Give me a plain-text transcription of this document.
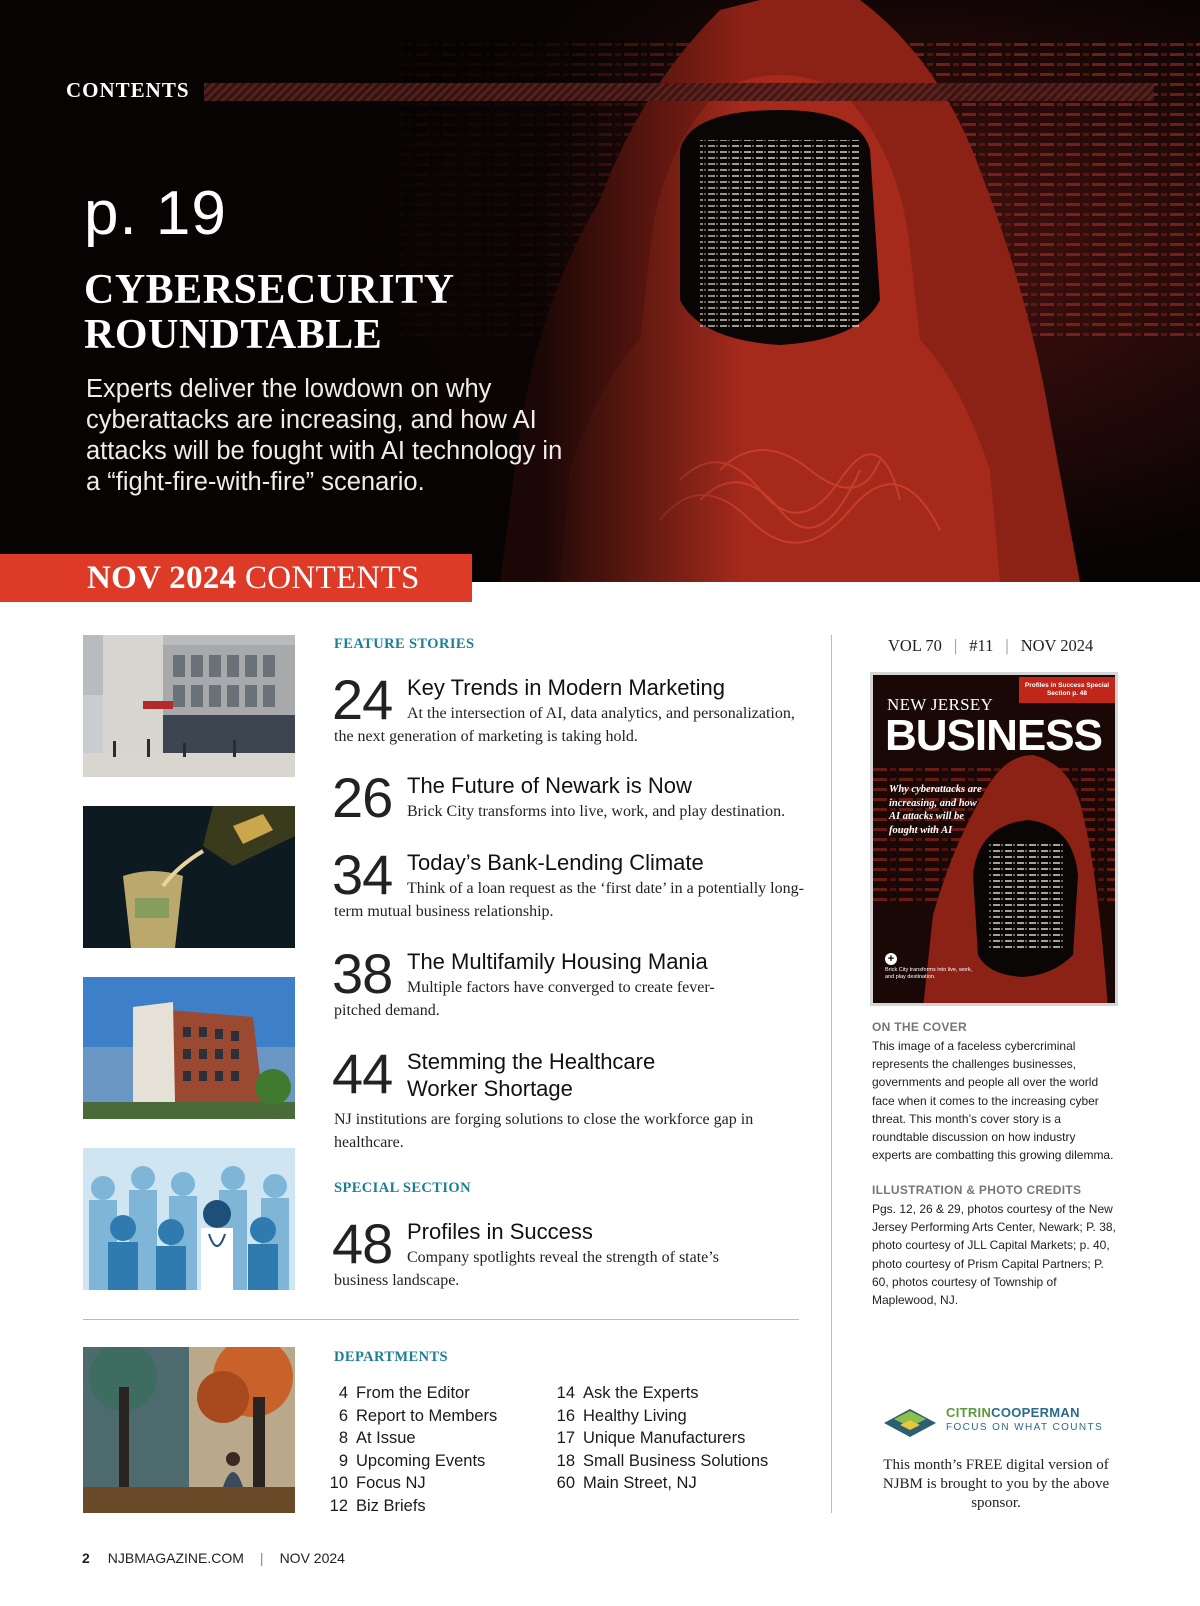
CONTENTS
p. 19
CYBERSECURITY
ROUNDTABLE
Experts deliver the lowdown on why cyberattacks are increasing, and how AI attacks will be fought with AI technology in a “fight-fire-with-fire” scenario.
NOV 2024 CONTENTS
FEATURE STORIES
24 Key Trends in Modern Marketing
At the intersection of AI, data analytics, and personalization, the next generation of marketing is taking hold.
26 The Future of Newark is Now
Brick City transforms into live, work, and play destination.
34 Today’s Bank-Lending Climate
Think of a loan request as the ‘first date’ in a potentially long-term mutual business relationship.
38 The Multifamily Housing Mania
Multiple factors have converged to create fever-pitched demand.
44 Stemming the Healthcare
Worker Shortage
NJ institutions are forging solutions to close the workforce gap in healthcare.
SPECIAL SECTION
48 Profiles in Success
Company spotlights reveal the strength of state’s business landscape.
DEPARTMENTS
4 From the Editor
6 Report to Members
8 At Issue
9 Upcoming Events
10 Focus NJ
12 Biz Briefs
14 Ask the Experts
16 Healthy Living
17 Unique Manufacturers
18 Small Business Solutions
60 Main Street, NJ
VOL 70 | #11 | NOV 2024
Profiles in Success Special Section p. 48
NEW JERSEY
BUSINESS
Why cyberattacks are increasing, and how AI attacks will be fought with AI
+
Brick City transforms into live, work, and play destination.
ON THE COVER
This image of a faceless cybercriminal represents the challenges businesses, governments and people all over the world face when it comes to the increasing cyber threat. This month’s cover story is a roundtable discussion on how industry experts are combatting this growing dilemma.
ILLUSTRATION & PHOTO CREDITS
Pgs. 12, 26 & 29, photos courtesy of the New Jersey Performing Arts Center, Newark; P. 38, photo courtesy of JLL Capital Markets; p. 40, photo courtesy of Prism Capital Partners; P. 60, photos courtesy of Township of Maplewood, NJ.
CITRINCOOPERMAN
FOCUS ON WHAT COUNTS
This month’s FREE digital version of NJBM is brought to you by the above sponsor.
2 NJBMAGAZINE.COM | NOV 2024
